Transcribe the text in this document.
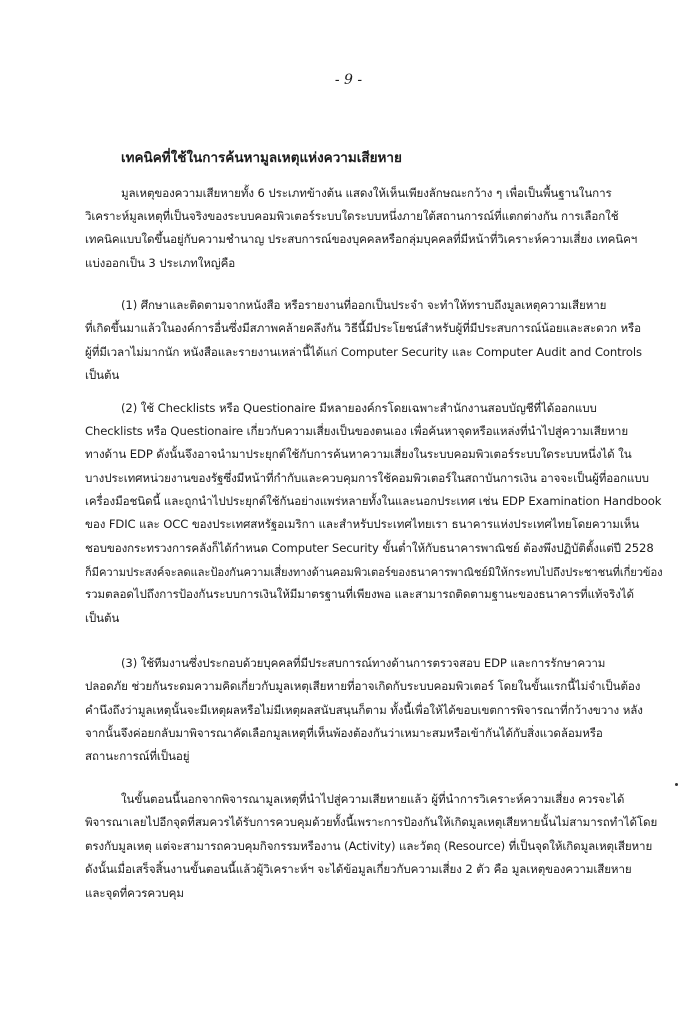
- 9 -
เทคนิคที่ใช้ในการค้นหามูลเหตุแห่งความเสียหาย
มูลเหตุของความเสียหายทั้ง 6 ประเภทข้างต้น แสดงให้เห็นเพียงลักษณะกว้าง ๆ เพื่อเป็นพื้นฐานในการ
วิเคราะห์มูลเหตุที่เป็นจริงของระบบคอมพิวเตอร์ระบบใดระบบหนึ่งภายใต้สถานการณ์ที่แตกต่างกัน การเลือกใช้
เทคนิคแบบใดขึ้นอยู่กับความชำนาญ ประสบการณ์ของบุคคลหรือกลุ่มบุคคลที่มีหน้าที่วิเคราะห์ความเสี่ยง เทคนิคฯ
แบ่งออกเป็น 3 ประเภทใหญ่คือ
(1) ศึกษาและติดตามจากหนังสือ หรือรายงานที่ออกเป็นประจำ จะทำให้ทราบถึงมูลเหตุความเสียหาย
ที่เกิดขึ้นมาแล้วในองค์การอื่นซึ่งมีสภาพคล้ายคลึงกัน วิธีนี้มีประโยชน์สำหรับผู้ที่มีประสบการณ์น้อยและสะดวก หรือ
ผู้ที่มีเวลาไม่มากนัก หนังสือและรายงานเหล่านี้ได้แก่ Computer Security และ Computer Audit and Controls
เป็นต้น
(2) ใช้ Checklists หรือ Questionaire มีหลายองค์กรโดยเฉพาะสำนักงานสอบบัญชีที่ได้ออกแบบ
Checklists หรือ Questionaire เกี่ยวกับความเสี่ยงเป็นของตนเอง เพื่อค้นหาจุดหรือแหล่งที่นำไปสู่ความเสียหาย
ทางด้าน EDP ดังนั้นจึงอาจนำมาประยุกต์ใช้กับการค้นหาความเสี่ยงในระบบคอมพิวเตอร์ระบบใดระบบหนึ่งได้ ใน
บางประเทศหน่วยงานของรัฐซึ่งมีหน้าที่กำกับและควบคุมการใช้คอมพิวเตอร์ในสถาบันการเงิน อาจจะเป็นผู้ที่ออกแบบ
เครื่องมือชนิดนี้ และถูกนำไปประยุกต์ใช้กันอย่างแพร่หลายทั้งในและนอกประเทศ เช่น EDP Examination Handbook
ของ FDIC และ OCC ของประเทศสหรัฐอเมริกา และสำหรับประเทศไทยเรา ธนาคารแห่งประเทศไทยโดยความเห็น
ชอบของกระทรวงการคลังก็ได้กำหนด Computer Security ขั้นต่ำให้กับธนาคารพาณิชย์ ต้องพึงปฏิบัติตั้งแต่ปี 2528
ก็มีความประสงค์จะลดและป้องกันความเสี่ยงทางด้านคอมพิวเตอร์ของธนาคารพาณิชย์มิให้กระทบไปถึงประชาชนที่เกี่ยวข้อง
รวมตลอดไปถึงการป้องกันระบบการเงินให้มีมาตรฐานที่เพียงพอ และสามารถติดตามฐานะของธนาคารที่แท้จริงได้
เป็นต้น
(3) ใช้ทีมงานซึ่งประกอบด้วยบุคคลที่มีประสบการณ์ทางด้านการตรวจสอบ EDP และการรักษาความ
ปลอดภัย ช่วยกันระดมความคิดเกี่ยวกับมูลเหตุเสียหายที่อาจเกิดกับระบบคอมพิวเตอร์ โดยในขั้นแรกนี้ไม่จำเป็นต้อง
คำนึงถึงว่ามูลเหตุนั้นจะมีเหตุผลหรือไม่มีเหตุผลสนับสนุนก็ตาม ทั้งนี้เพื่อให้ได้ขอบเขตการพิจารณาที่กว้างขวาง หลัง
จากนั้นจึงค่อยกลับมาพิจารณาคัดเลือกมูลเหตุที่เห็นพ้องต้องกันว่าเหมาะสมหรือเข้ากันได้กับสิ่งแวดล้อมหรือ
สถานะการณ์ที่เป็นอยู่
ในขั้นตอนนี้นอกจากพิจารณามูลเหตุที่นำไปสู่ความเสียหายแล้ว ผู้ที่นำการวิเคราะห์ความเสี่ยง ควรจะได้
พิจารณาเลยไปอีกจุดที่สมควรได้รับการควบคุมด้วยทั้งนี้เพราะการป้องกันให้เกิดมูลเหตุเสียหายนั้นไม่สามารถทำได้โดย
ตรงกับมูลเหตุ แต่จะสามารถควบคุมกิจกรรมหรืองาน (Activity) และวัตถุ (Resource) ที่เป็นจุดให้เกิดมูลเหตุเสียหาย
ดังนั้นเมื่อเสร็จสิ้นงานขั้นตอนนี้แล้วผู้วิเคราะห์ฯ จะได้ข้อมูลเกี่ยวกับความเสี่ยง 2 ตัว คือ มูลเหตุของความเสียหาย
และจุดที่ควรควบคุม
